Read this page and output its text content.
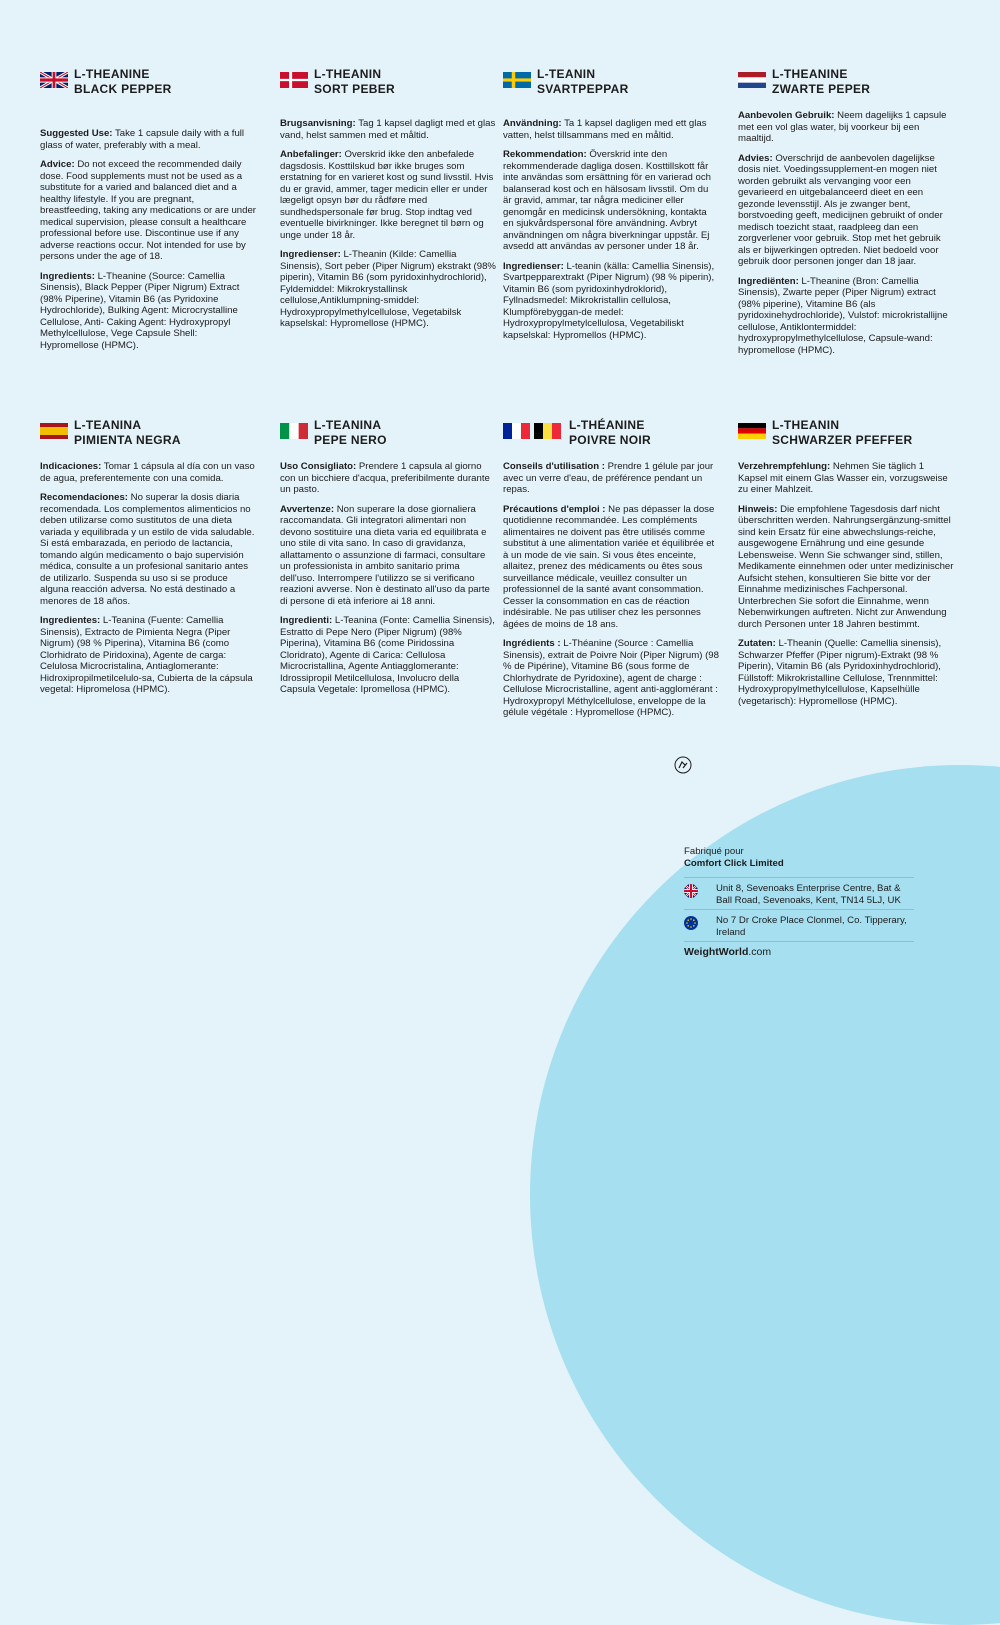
L-THEANINE
BLACK PEPPER

Suggested Use: Take 1 capsule daily with a full glass of water, preferably with a meal.

Advice: Do not exceed the recommended daily dose. Food supplements must not be used as a substitute for a varied and balanced diet and a healthy lifestyle. If you are pregnant, breastfeeding, taking any medications or are under medical supervision, please consult a healthcare professional before use. Discontinue use if any adverse reactions occur. Not intended for use by persons under the age of 18.

Ingredients: L-Theanine (Source: Camellia Sinensis), Black Pepper (Piper Nigrum) Extract (98% Piperine), Vitamin B6 (as Pyridoxine Hydrochloride), Bulking Agent: Microcrystalline Cellulose, Anti- Caking Agent: Hydroxypropyl Methylcellulose, Vege Capsule Shell: Hypromellose (HPMC).

L-THEANIN
SORT PEBER

Brugsanvisning: Tag 1 kapsel dagligt med et glas vand, helst sammen med et måltid.

Anbefalinger: Overskrid ikke den anbefalede dagsdosis. Kosttilskud bør ikke bruges som erstatning for en varieret kost og sund livsstil. Hvis du er gravid, ammer, tager medicin eller er under lægeligt opsyn bør du rådføre med sundhedspersonale før brug. Stop indtag ved eventuelle bivirkninger. Ikke beregnet til børn og unge under 18 år.

Ingredienser: L-Theanin (Kilde: Camellia Sinensis), Sort peber (Piper Nigrum) ekstrakt (98% piperin), Vitamin B6 (som pyridoxinhydrochlorid), Fyldemiddel: Mikrokrystallinsk cellulose,Antiklumpning-smiddel: Hydroxypropylmethylcellulose, Vegetabilsk kapselskal: Hypromellose (HPMC).

L-TEANIN
SVARTPEPPAR

Användning: Ta 1 kapsel dagligen med ett glas vatten, helst tillsammans med en måltid.

Rekommendation: Överskrid inte den rekommenderade dagliga dosen. Kosttillskott får inte användas som ersättning för en varierad och balanserad kost och en hälsosam livsstil. Om du är gravid, ammar, tar några mediciner eller genomgår en medicinsk undersökning, kontakta en sjukvårdspersonal före användning. Avbryt användningen om några biverkningar uppstår. Ej avsedd att användas av personer under 18 år.

Ingredienser: L-teanin (källa: Camellia Sinensis), Svartpepparextrakt (Piper Nigrum) (98 % piperin), Vitamin B6 (som pyridoxinhydroklorid), Fyllnadsmedel: Mikrokristallin cellulosa, Klumpförebyggan-de medel: Hydroxypropylmetylcellulosa, Vegetabiliskt kapselskal: Hypromellos (HPMC).

L-THEANINE
ZWARTE PEPER

Aanbevolen Gebruik: Neem dagelijks 1 capsule met een vol glas water, bij voorkeur bij een maaltijd.

Advies: Overschrijd de aanbevolen dagelijkse dosis niet. Voedingssupplement-en mogen niet worden gebruikt als vervanging voor een gevarieerd en uitgebalanceerd dieet en een gezonde levensstijl. Als je zwanger bent, borstvoeding geeft, medicijnen gebruikt of onder medisch toezicht staat, raadpleeg dan een zorgverlener voor gebruik. Stop met het gebruik als er bijwerkingen optreden. Niet bedoeld voor gebruik door personen jonger dan 18 jaar.

Ingrediënten: L-Theanine (Bron: Camellia Sinensis), Zwarte peper (Piper Nigrum) extract (98% piperine), Vitamine B6 (als pyridoxinehydrochloride), Vulstof: microkristallijne cellulose, Antiklontermiddel: hydroxypropylmethylcellulose, Capsule-wand: hypromellose (HPMC).

L-TEANINA
PIMIENTA NEGRA

Indicaciones: Tomar 1 cápsula al día con un vaso de agua, preferentemente con una comida.

Recomendaciones: No superar la dosis diaria recomendada. Los complementos alimenticios no deben utilizarse como sustitutos de una dieta variada y equilibrada y un estilo de vida saludable. Si está embarazada, en periodo de lactancia, tomando algún medicamento o bajo supervisión médica, consulte a un profesional sanitario antes de utilizarlo. Suspenda su uso si se produce alguna reacción adversa. No está destinado a menores de 18 años.

Ingredientes: L-Teanina (Fuente: Camellia Sinensis), Extracto de Pimienta Negra (Piper Nigrum) (98 % Piperina), Vitamina B6 (como Clorhidrato de Piridoxina), Agente de carga: Celulosa Microcristalina, Antiaglomerante: Hidroxipropilmetilcelulo-sa, Cubierta de la cápsula vegetal: Hipromelosa (HPMC).

L-TEANINA
PEPE NERO

Uso Consigliato: Prendere 1 capsula al giorno con un bicchiere d'acqua, preferibilmente durante un pasto.

Avvertenze: Non superare la dose giornaliera raccomandata. Gli integratori alimentari non devono sostituire una dieta varia ed equilibrata e uno stile di vita sano. In caso di gravidanza, allattamento o assunzione di farmaci, consultare un professionista in ambito sanitario prima dell'uso. Interrompere l'utilizzo se si verificano reazioni avverse. Non è destinato all'uso da parte di persone di età inferiore ai 18 anni.

Ingredienti: L-Teanina (Fonte: Camellia Sinensis), Estratto di Pepe Nero (Piper Nigrum) (98% Piperina), Vitamina B6 (come Piridossina Cloridrato), Agente di Carica: Cellulosa Microcristallina, Agente Antiagglomerante: Idrossipropil Metilcellulosa, Involucro della Capsula Vegetale: Ipromellosa (HPMC).

L-THÉANINE
POIVRE NOIR

Conseils d'utilisation : Prendre 1 gélule par jour avec un verre d'eau, de préférence pendant un repas.

Précautions d'emploi : Ne pas dépasser la dose quotidienne recommandée. Les compléments alimentaires ne doivent pas être utilisés comme substitut à une alimentation variée et équilibrée et à un mode de vie sain. Si vous êtes enceinte, allaitez, prenez des médicaments ou êtes sous surveillance médicale, veuillez consulter un professionnel de la santé avant consommation. Cesser la consommation en cas de réaction indésirable. Ne pas utiliser chez les personnes âgées de moins de 18 ans.

Ingrédients : L-Théanine (Source : Camellia Sinensis), extrait de Poivre Noir (Piper Nigrum) (98 % de Pipérine), Vitamine B6 (sous forme de Chlorhydrate de Pyridoxine), agent de charge : Cellulose Microcristalline, agent anti-agglomérant : Hydroxypropyl Méthylcellulose, enveloppe de la gélule végétale : Hypromellose (HPMC).

L-THEANIN
SCHWARZER PFEFFER

Verzehrempfehlung: Nehmen Sie täglich 1 Kapsel mit einem Glas Wasser ein, vorzugsweise zu einer Mahlzeit.

Hinweis: Die empfohlene Tagesdosis darf nicht überschritten werden. Nahrungsergänzung-smittel sind kein Ersatz für eine abwechslungs-reiche, ausgewogene Ernährung und eine gesunde Lebensweise. Wenn Sie schwanger sind, stillen, Medikamente einnehmen oder unter medizinischer Aufsicht stehen, konsultieren Sie bitte vor der Einnahme medizinisches Fachpersonal. Unterbrechen Sie sofort die Einnahme, wenn Nebenwirkungen auftreten. Nicht zur Anwendung durch Personen unter 18 Jahren bestimmt.

Zutaten: L-Theanin (Quelle: Camellia sinensis), Schwarzer Pfeffer (Piper nigrum)-Extrakt (98 % Piperin), Vitamin B6 (als Pyridoxinhydrochlorid), Füllstoff: Mikrokristalline Cellulose, Trennmittel: Hydroxypropylmethylcellulose, Kapselhülle (vegetarisch): Hypromellose (HPMC).

Fabriqué pour

Comfort Click Limited

Unit 8, Sevenoaks Enterprise Centre, Bat & Ball Road, Sevenoaks, Kent, TN14 5LJ, UK
No 7 Dr Croke Place Clonmel, Co. Tipperary, Ireland
WeightWorld.com
